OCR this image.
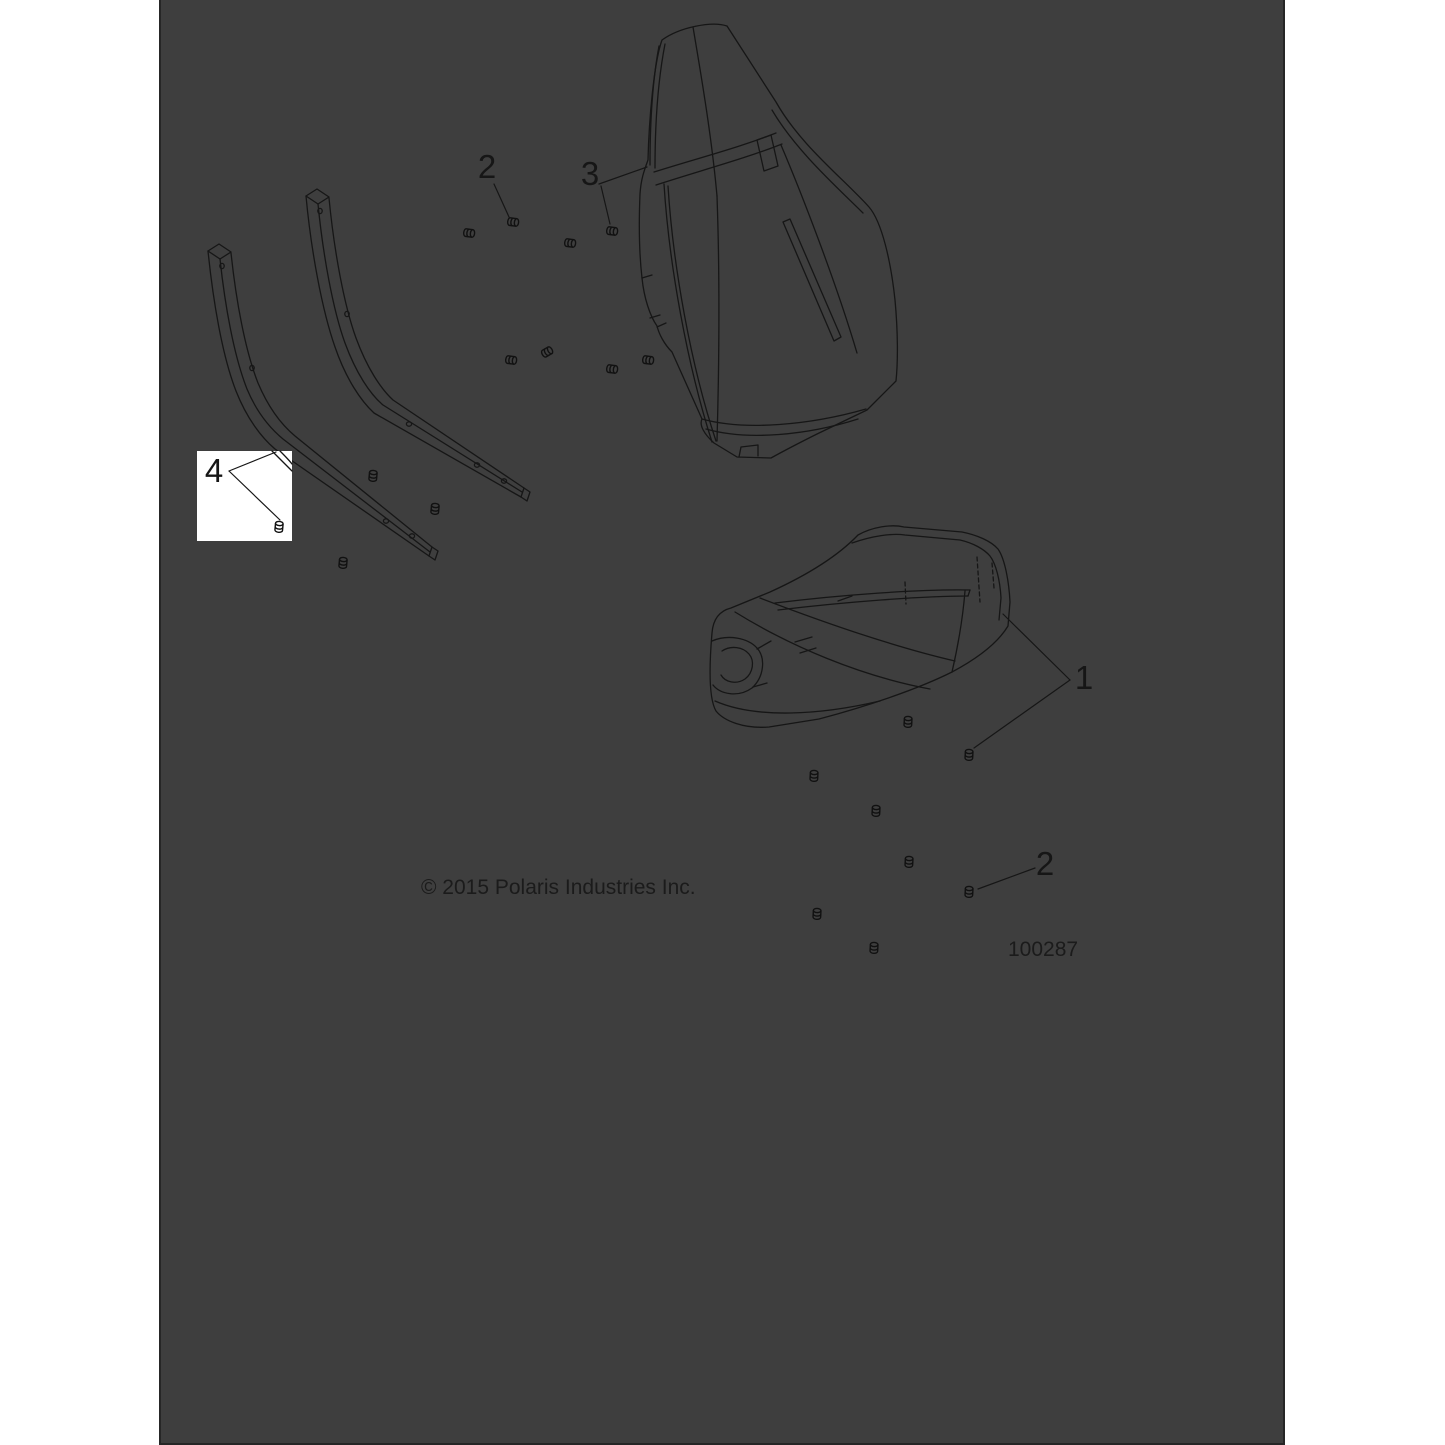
1
2	3
4
2
© 2015 Polaris Industries Inc.
100287
